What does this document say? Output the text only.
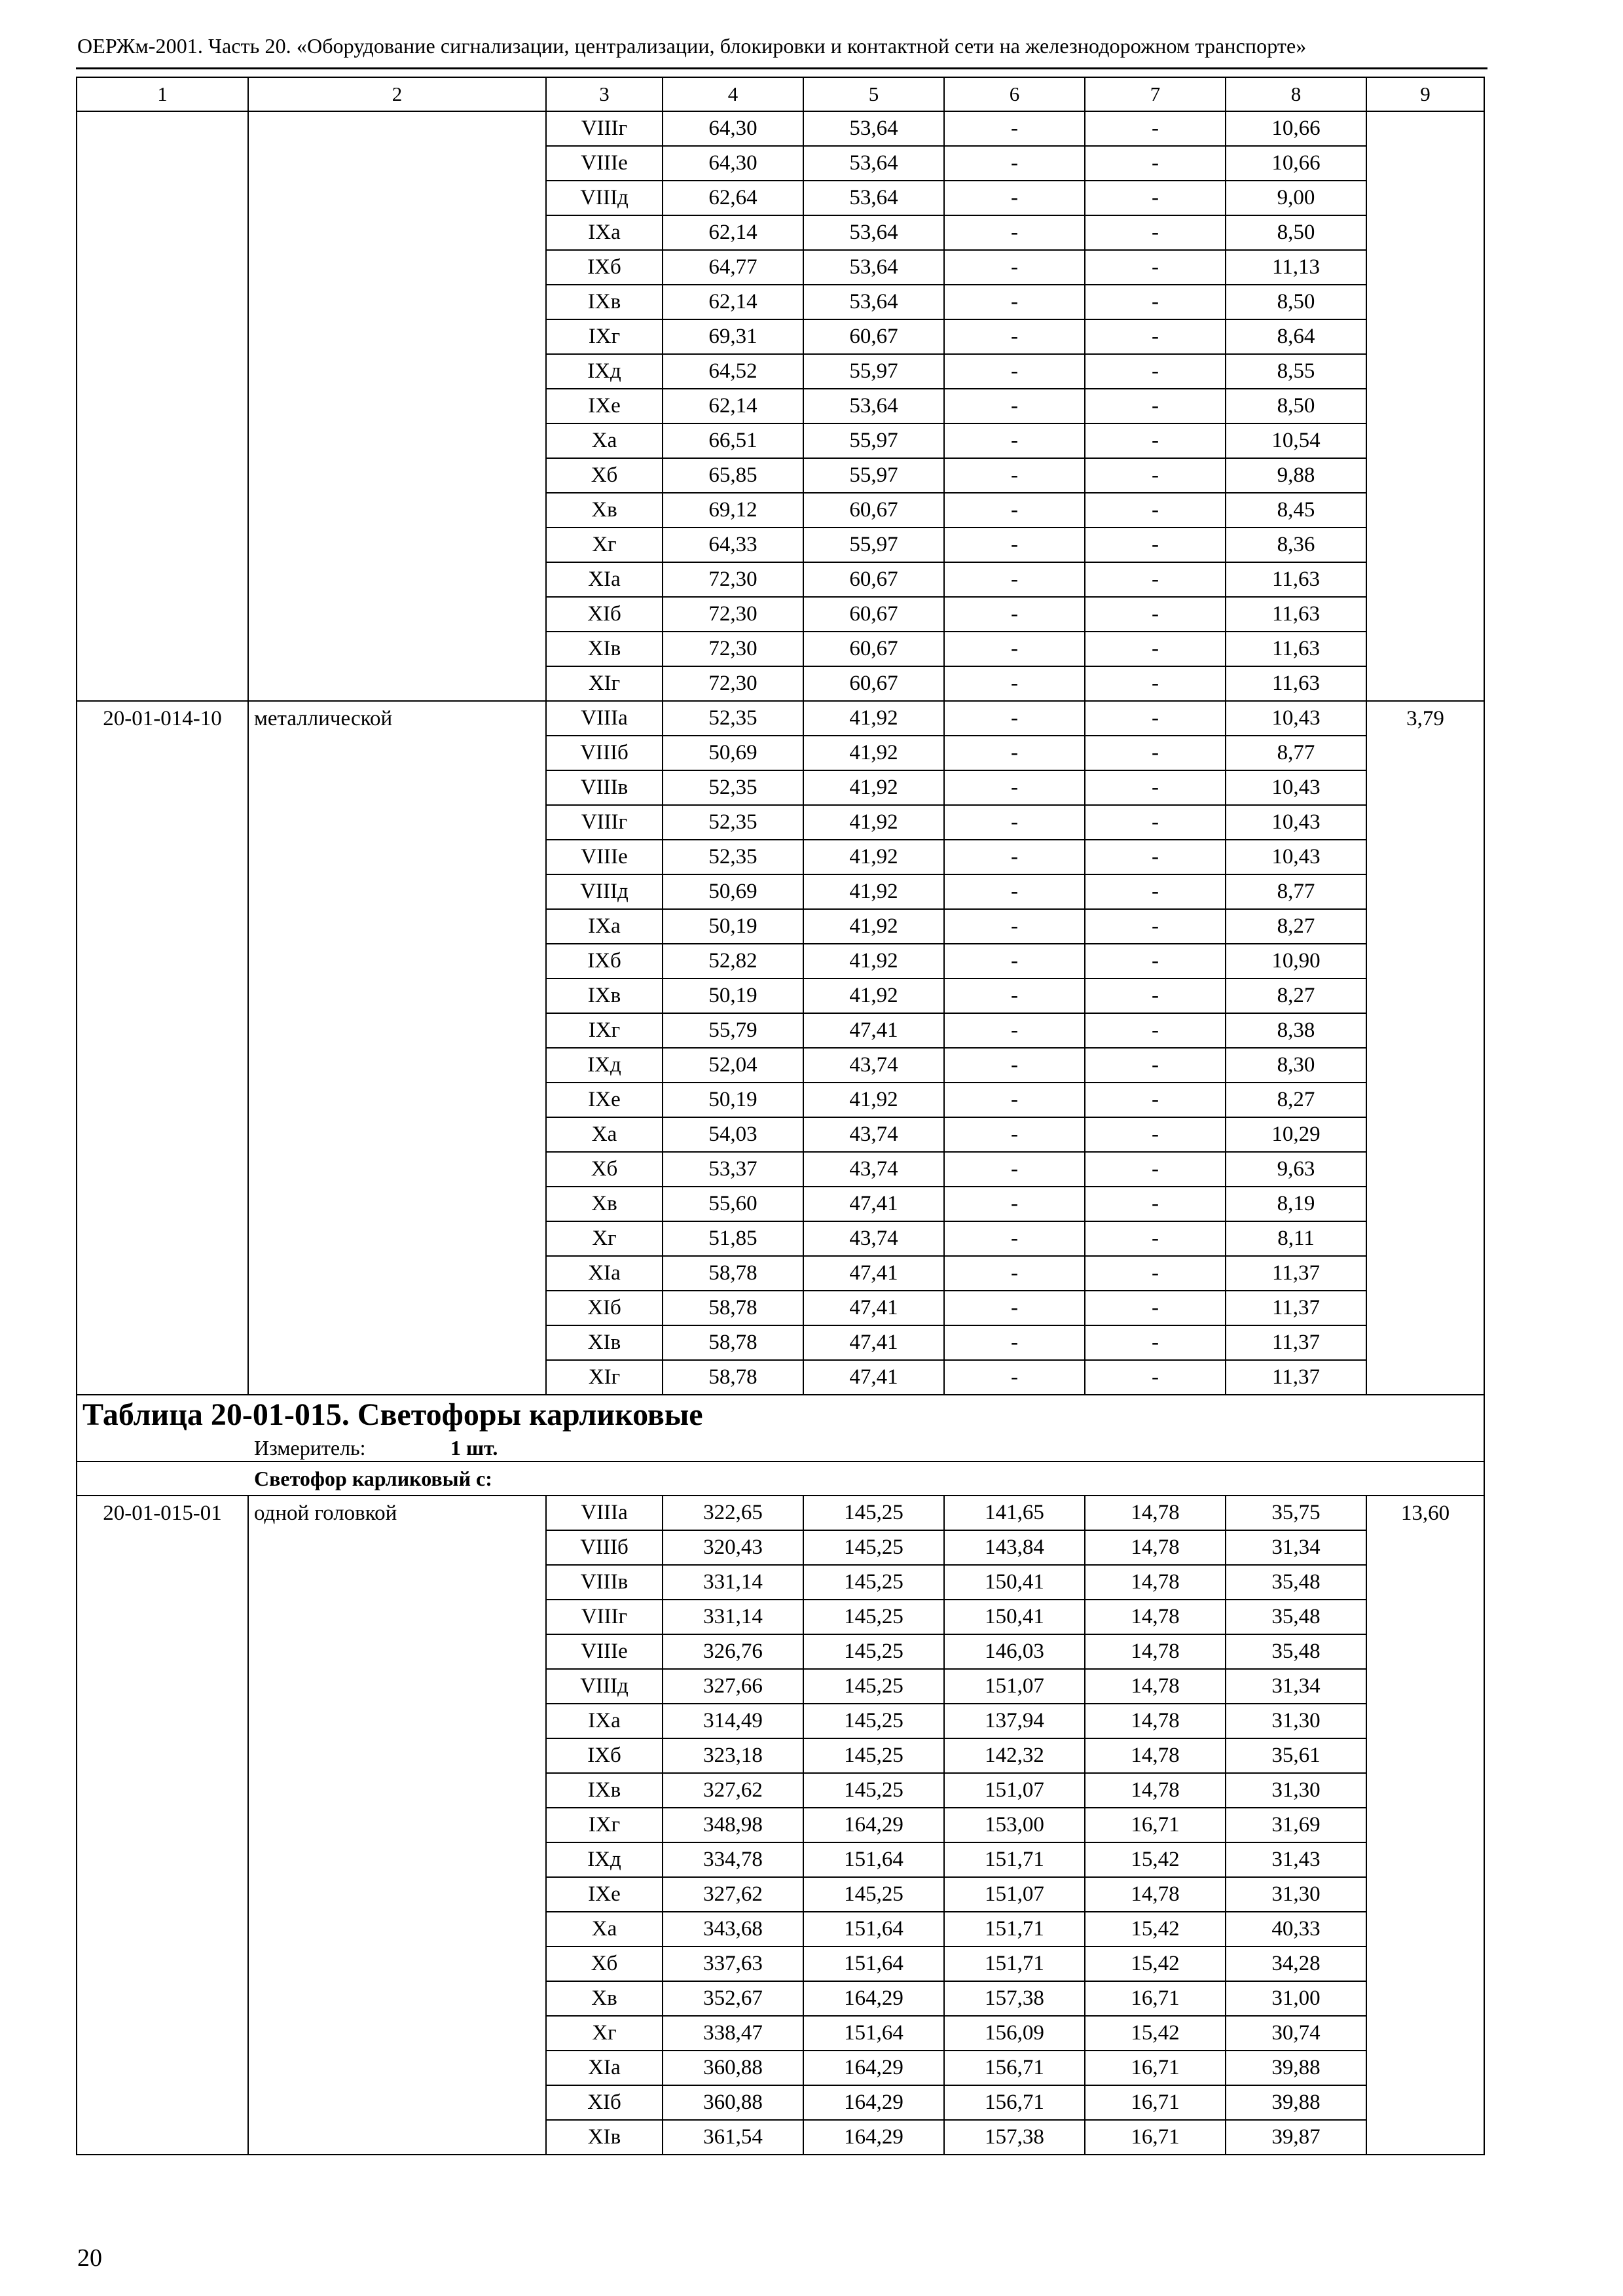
ОЕРЖм-2001. Часть 20. «Оборудование сигнализации, централизации, блокировки и контактной сети на железнодорожном транспорте»
1	2	3	4	5	6	7	8	9
		VIIIг	64,30	53,64	-	-	10,66	
		VIIIе	64,30	53,64	-	-	10,66	
		VIIIд	62,64	53,64	-	-	9,00	
		IXа	62,14	53,64	-	-	8,50	
		IXб	64,77	53,64	-	-	11,13	
		IXв	62,14	53,64	-	-	8,50	
		IXг	69,31	60,67	-	-	8,64	
		IXд	64,52	55,97	-	-	8,55	
		IXе	62,14	53,64	-	-	8,50	
		Xа	66,51	55,97	-	-	10,54	
		Xб	65,85	55,97	-	-	9,88	
		Xв	69,12	60,67	-	-	8,45	
		Xг	64,33	55,97	-	-	8,36	
		XIа	72,30	60,67	-	-	11,63	
		XIб	72,30	60,67	-	-	11,63	
		XIв	72,30	60,67	-	-	11,63	
		XIг	72,30	60,67	-	-	11,63	
20-01-014-10	металлической	VIIIа	52,35	41,92	-	-	10,43	3,79
		VIIIб	50,69	41,92	-	-	8,77	
		VIIIв	52,35	41,92	-	-	10,43	
		VIIIг	52,35	41,92	-	-	10,43	
		VIIIе	52,35	41,92	-	-	10,43	
		VIIIд	50,69	41,92	-	-	8,77	
		IXа	50,19	41,92	-	-	8,27	
		IXб	52,82	41,92	-	-	10,90	
		IXв	50,19	41,92	-	-	8,27	
		IXг	55,79	47,41	-	-	8,38	
		IXд	52,04	43,74	-	-	8,30	
		IXе	50,19	41,92	-	-	8,27	
		Xа	54,03	43,74	-	-	10,29	
		Xб	53,37	43,74	-	-	9,63	
		Xв	55,60	47,41	-	-	8,19	
		Xг	51,85	43,74	-	-	8,11	
		XIа	58,78	47,41	-	-	11,37	
		XIб	58,78	47,41	-	-	11,37	
		XIв	58,78	47,41	-	-	11,37	
		XIг	58,78	47,41	-	-	11,37	
Таблица 20-01-015. Светофоры карликовые								
Измеритель: 1 шт.								
Светофор карликовый с:								
20-01-015-01	одной головкой	VIIIа	322,65	145,25	141,65	14,78	35,75	13,60
		VIIIб	320,43	145,25	143,84	14,78	31,34	
		VIIIв	331,14	145,25	150,41	14,78	35,48	
		VIIIг	331,14	145,25	150,41	14,78	35,48	
		VIIIе	326,76	145,25	146,03	14,78	35,48	
		VIIIд	327,66	145,25	151,07	14,78	31,34	
		IXа	314,49	145,25	137,94	14,78	31,30	
		IXб	323,18	145,25	142,32	14,78	35,61	
		IXв	327,62	145,25	151,07	14,78	31,30	
		IXг	348,98	164,29	153,00	16,71	31,69	
		IXд	334,78	151,64	151,71	15,42	31,43	
		IXе	327,62	145,25	151,07	14,78	31,30	
		Xа	343,68	151,64	151,71	15,42	40,33	
		Xб	337,63	151,64	151,71	15,42	34,28	
		Xв	352,67	164,29	157,38	16,71	31,00	
		Xг	338,47	151,64	156,09	15,42	30,74	
		XIа	360,88	164,29	156,71	16,71	39,88	
		XIб	360,88	164,29	156,71	16,71	39,88	
		XIв	361,54	164,29	157,38	16,71	39,87	
20
